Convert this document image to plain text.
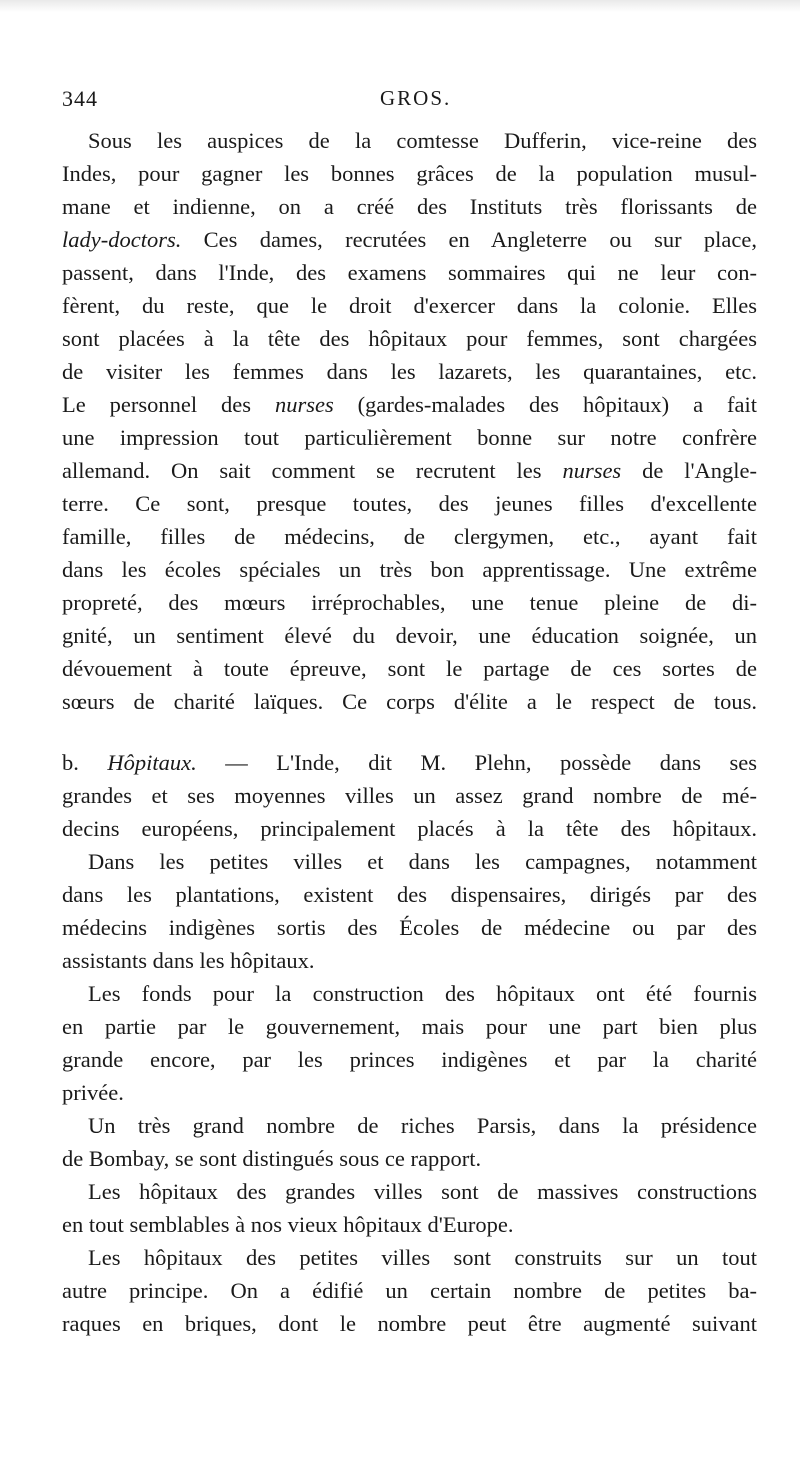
344	GROS.
Sous les auspices de la comtesse Dufferin, vice-reine des
Indes, pour gagner les bonnes grâces de la population musul-
mane et indienne, on a créé des Instituts très florissants de
lady-doctors. Ces dames, recrutées en Angleterre ou sur place,
passent, dans l'Inde, des examens sommaires qui ne leur con-
fèrent, du reste, que le droit d'exercer dans la colonie. Elles
sont placées à la tête des hôpitaux pour femmes, sont chargées
de visiter les femmes dans les lazarets, les quarantaines, etc.
Le personnel des nurses (gardes-malades des hôpitaux) a fait
une impression tout particulièrement bonne sur notre confrère
allemand. On sait comment se recrutent les nurses de l'Angle-
terre. Ce sont, presque toutes, des jeunes filles d'excellente
famille, filles de médecins, de clergymen, etc., ayant fait
dans les écoles spéciales un très bon apprentissage. Une extrême
propreté, des mœurs irréprochables, une tenue pleine de di-
gnité, un sentiment élevé du devoir, une éducation soignée, un
dévouement à toute épreuve, sont le partage de ces sortes de
sœurs de charité laïques. Ce corps d'élite a le respect de tous.
b. Hôpitaux. — L'Inde, dit M. Plehn, possède dans ses
grandes et ses moyennes villes un assez grand nombre de mé-
decins européens, principalement placés à la tête des hôpitaux.
Dans les petites villes et dans les campagnes, notamment
dans les plantations, existent des dispensaires, dirigés par des
médecins indigènes sortis des Écoles de médecine ou par des
assistants dans les hôpitaux.
Les fonds pour la construction des hôpitaux ont été fournis
en partie par le gouvernement, mais pour une part bien plus
grande encore, par les princes indigènes et par la charité
privée.
Un très grand nombre de riches Parsis, dans la présidence
de Bombay, se sont distingués sous ce rapport.
Les hôpitaux des grandes villes sont de massives constructions
en tout semblables à nos vieux hôpitaux d'Europe.
Les hôpitaux des petites villes sont construits sur un tout
autre principe. On a édifié un certain nombre de petites ba-
raques en briques, dont le nombre peut être augmenté suivant
